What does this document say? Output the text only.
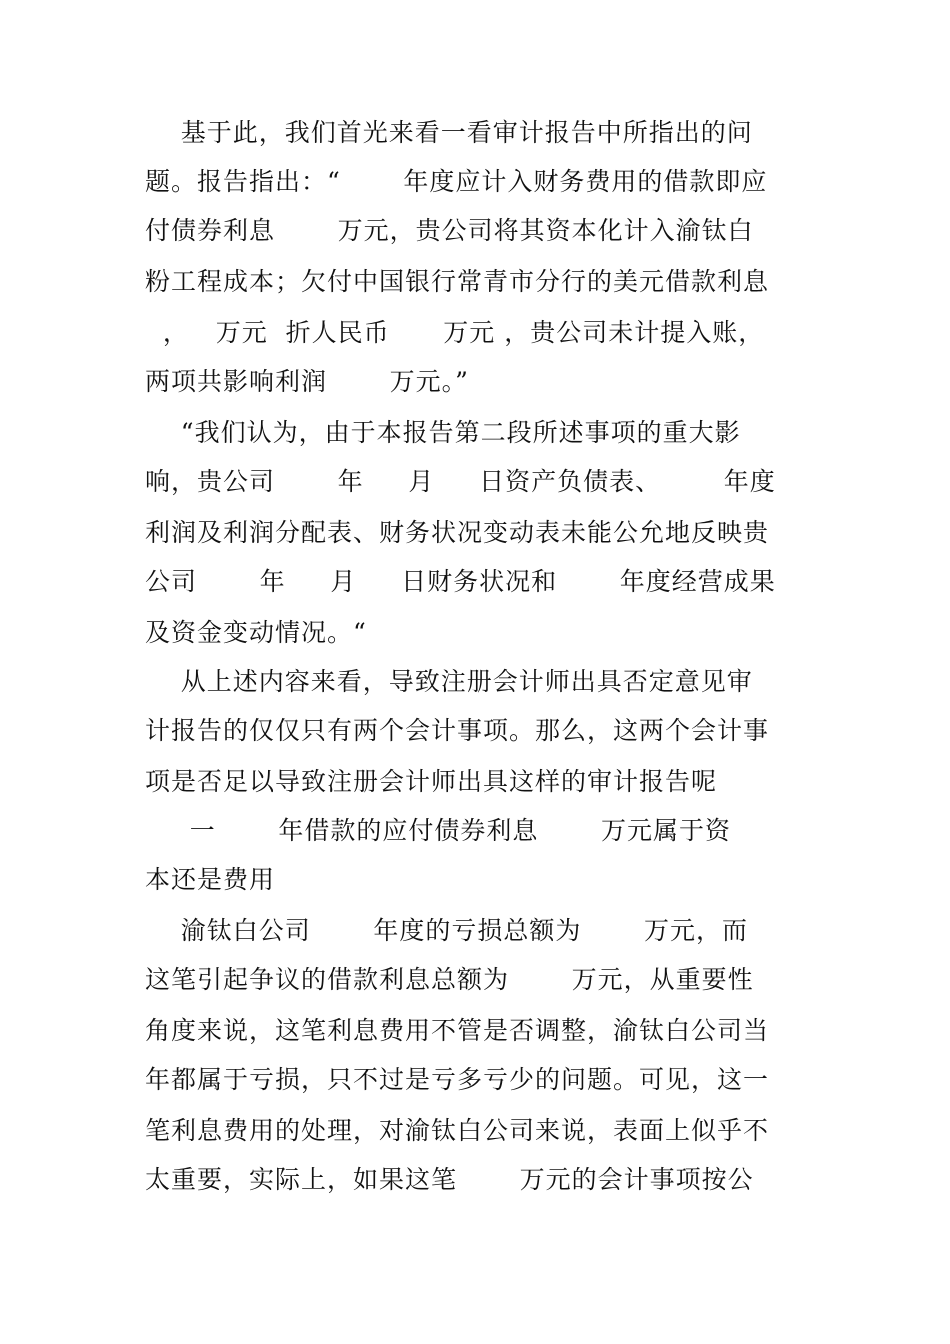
基于此，我们首光来看一看审计报告中所指出的问
题。报告指出：“       年度应计入财务费用的借款即应
付债券利息       万元，贵公司将其资本化计入渝钛白
粉工程成本；欠付中国银行常青市分行的美元借款利息
，   万元  折人民币      万元 ，贵公司未计提入账，
两项共影响利润       万元。”
“我们认为，由于本报告第二段所述事项的重大影
响，贵公司       年     月     日资产负债表、       年度
利润及利润分配表、财务状况变动表未能公允地反映贵
公司       年     月     日财务状况和       年度经营成果
及资金变动情况。“
从上述内容来看，导致注册会计师出具否定意见审
计报告的仅仅只有两个会计事项。那么，这两个会计事
项是否足以导致注册会计师出具这样的审计报告呢
一       年借款的应付债券利息       万元属于资
本还是费用
渝钛白公司       年度的亏损总额为       万元，而
这笔引起争议的借款利息总额为       万元，从重要性
角度来说，这笔利息费用不管是否调整，渝钛白公司当
年都属于亏损，只不过是亏多亏少的问题。可见，这一
笔利息费用的处理，对渝钛白公司来说，表面上似乎不
太重要，实际上，如果这笔       万元的会计事项按公
